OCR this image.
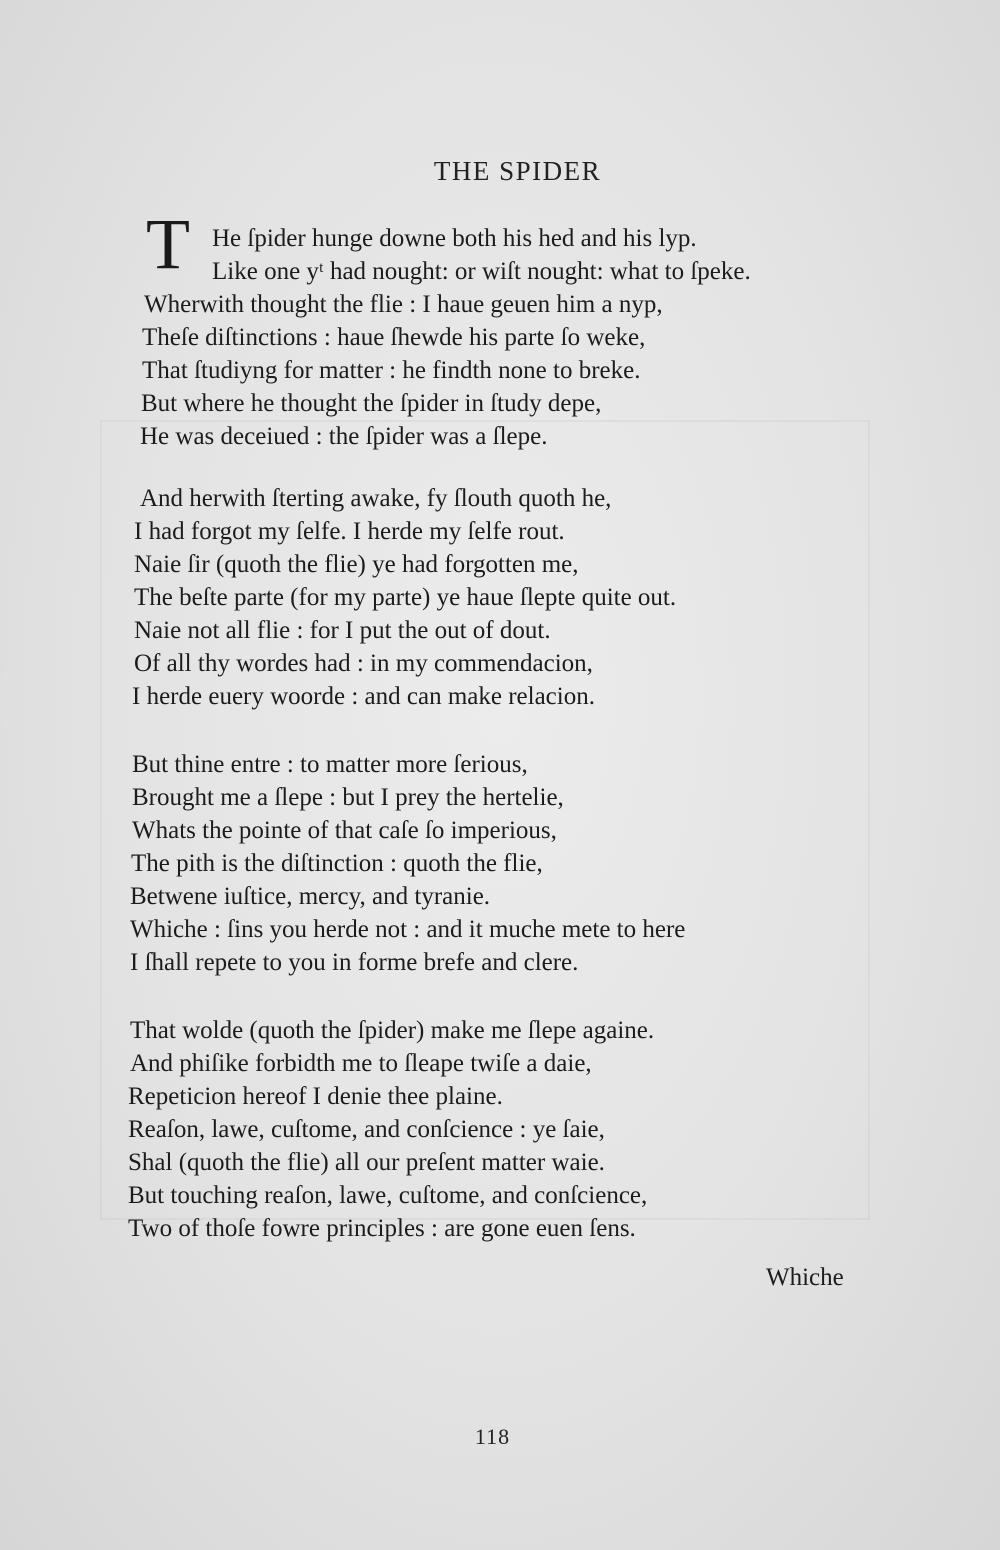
THE SPIDER
T He ſpider hunge downe both his hed and his lyp.
Like one yᵗ had nought: or wiſt nought: what to ſpeke.
Wherwith thought the flie : I haue geuen him a nyp,
Theſe diſtinctions : haue ſhewde his parte ſo weke,
That ſtudiyng for matter : he findth none to breke.
But where he thought the ſpider in ſtudy depe,
He was deceiued : the ſpider was a ſlepe.
And herwith ſterting awake, fy ſlouth quoth he,
I had forgot my ſelfe. I herde my ſelfe rout.
Naie ſir (quoth the flie) ye had forgotten me,
The beſte parte (for my parte) ye haue ſlepte quite out.
Naie not all flie : for I put the out of dout.
Of all thy wordes had : in my commendacion,
I herde euery woorde : and can make relacion.
But thine entre : to matter more ſerious,
Brought me a ſlepe : but I prey the hertelie,
Whats the pointe of that caſe ſo imperious,
The pith is the diſtinction : quoth the flie,
Betwene iuſtice, mercy, and tyranie.
Whiche : ſins you herde not : and it muche mete to here
I ſhall repete to you in forme brefe and clere.
That wolde (quoth the ſpider) make me ſlepe againe.
And phiſike forbidth me to ſleape twiſe a daie,
Repeticion hereof I denie thee plaine.
Reaſon, lawe, cuſtome, and conſcience : ye ſaie,
Shal (quoth the flie) all our preſent matter waie.
But touching reaſon, lawe, cuſtome, and conſcience,
Two of thoſe fowre principles : are gone euen ſens.
Whiche
118
